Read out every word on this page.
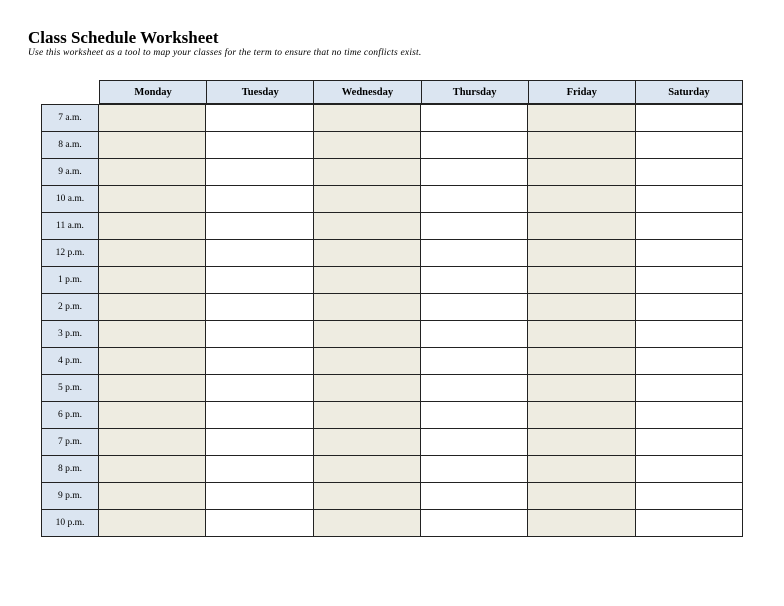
Class Schedule Worksheet
Use this worksheet as a tool to map your classes for the term to ensure that no time conflicts exist.
Monday	Tuesday	Wednesday	Thursday	Friday	Saturday
7 a.m.
8 a.m.
9 a.m.
10 a.m.
11 a.m.
12 p.m.
1 p.m.
2 p.m.
3 p.m.
4 p.m.
5 p.m.
6 p.m.
7 p.m.
8 p.m.
9 p.m.
10 p.m.
